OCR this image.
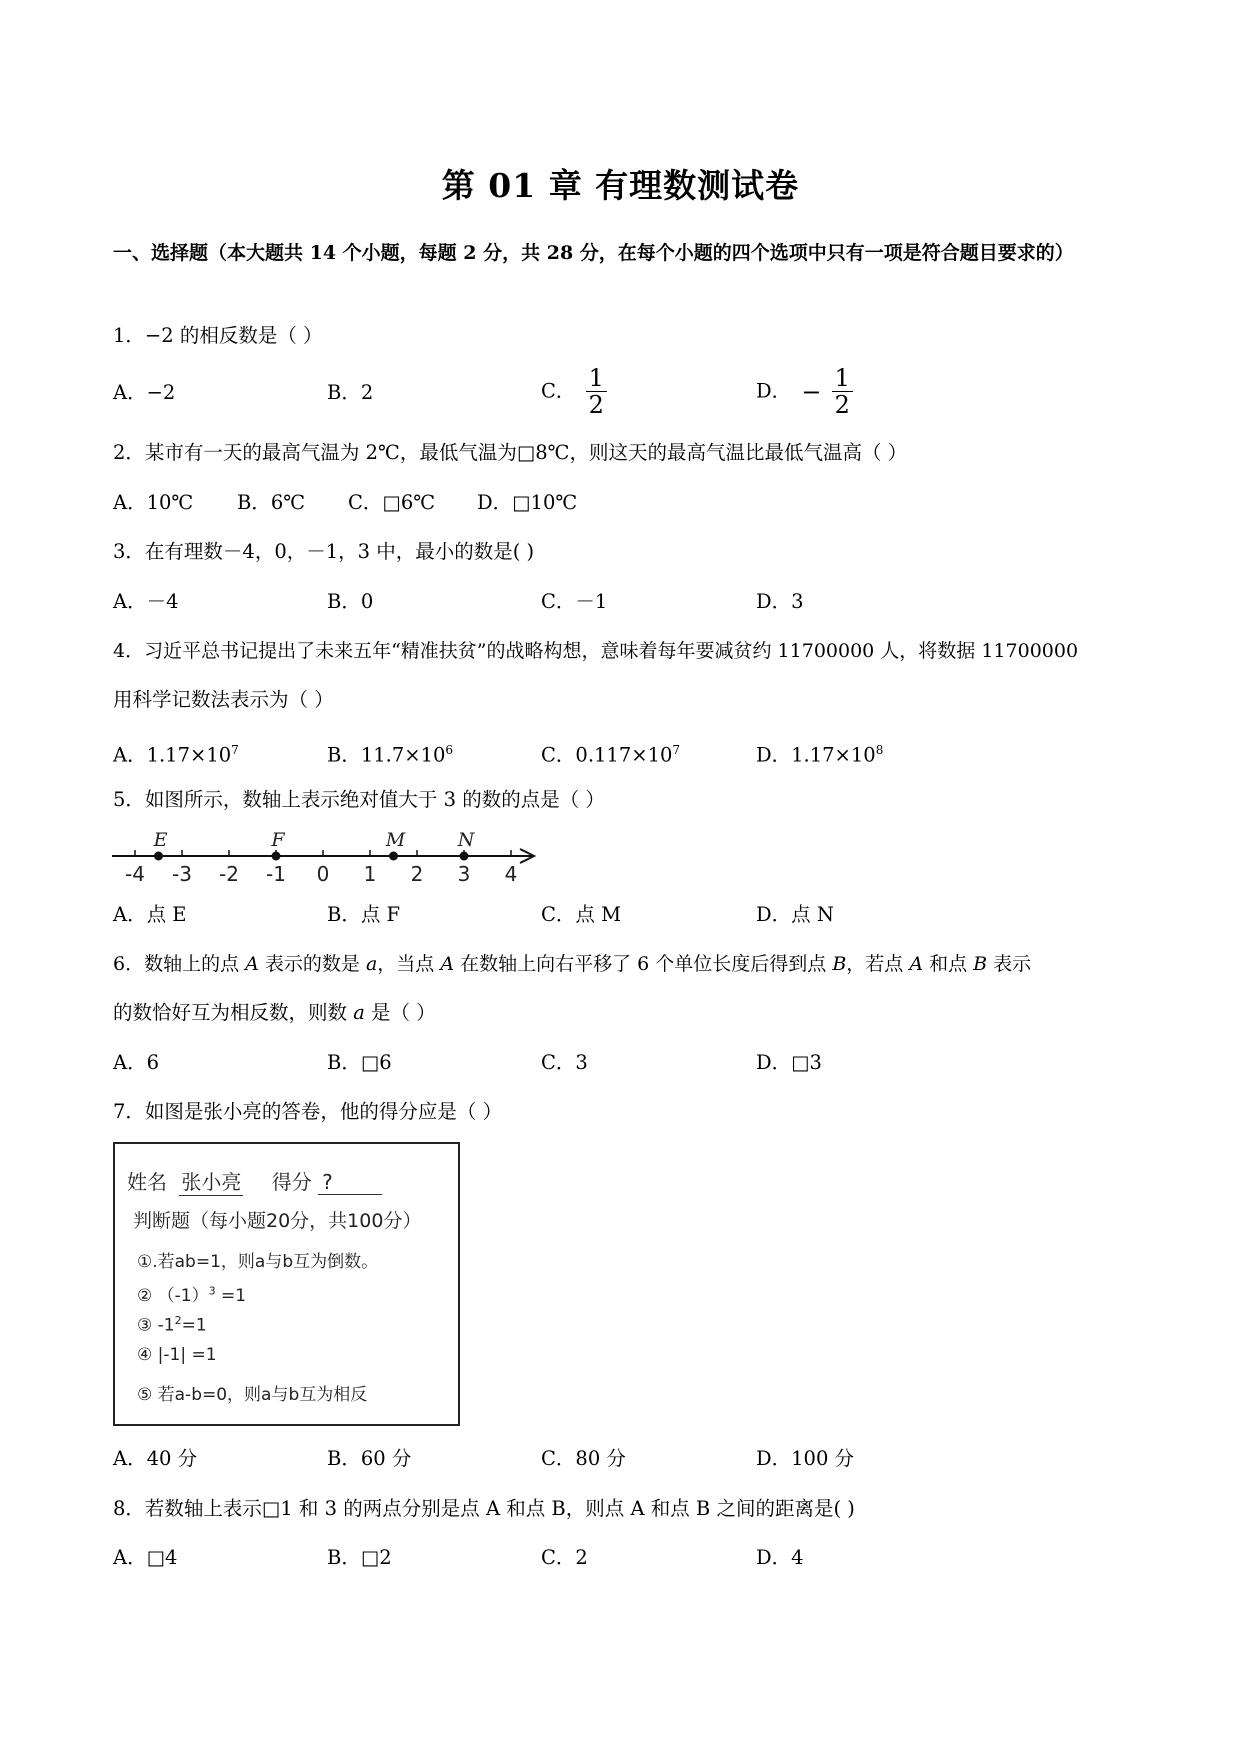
第 01 章 有理数测试卷
一、选择题（本大题共 14 个小题，每题 2 分，共 28 分，在每个小题的四个选项中只有一项是符合题目要求的）
1．−2 的相反数是（ ）
A．−2	B．2	C． $\frac{1}{2}$	D． − $\frac{1}{2}$
2．某市有一天的最高气温为 2℃，最低气温为□8℃，则这天的最高气温比最低气温高（ ）
A．10℃ B．6℃ C．□6℃ D．□10℃
3．在有理数－4，0，－1，3 中，最小的数是( )
A．－4	B．0	C．－1	D．3
4．习近平总书记提出了未来五年“精准扶贫”的战略构想，意味着每年要减贫约 11700000 人，将数据 11700000
用科学记数法表示为（ ）
A．$1.17\times 10^7$	B．$11.7\times 10^6$	C．$0.117\times 10^7$	D．$1.17\times 10^8$
5．如图所示，数轴上表示绝对值大于 3 的数的点是（ ）
-4 -3 -2 -1 0 1 2 3 4
E	F	M	N
A．点 E	B．点 F	C．点 M	D．点 N
6．数轴上的点 A 表示的数是 a，当点 A 在数轴上向右平移了 6 个单位长度后得到点 B，若点 A 和点 B 表示
的数恰好互为相反数，则数 a 是（ ）
A．6	B．□6	C．3	D．□3
7．如图是张小亮的答卷，他的得分应是（ ）
姓名 张小亮 得分 ?
判断题（每小题20分，共100分）
①.若ab=1，则a与b互为倒数。
② $(-1)^3 =1$
③ $-1^2=1$
④ |-1| =1
⑤ 若a-b=0，则a与b互为相反
A．40 分	B．60 分	C．80 分	D．100 分
8．若数轴上表示□1 和 3 的两点分别是点 A 和点 B，则点 A 和点 B 之间的距离是( )
A．□4	B．□2	C．2	D．4
